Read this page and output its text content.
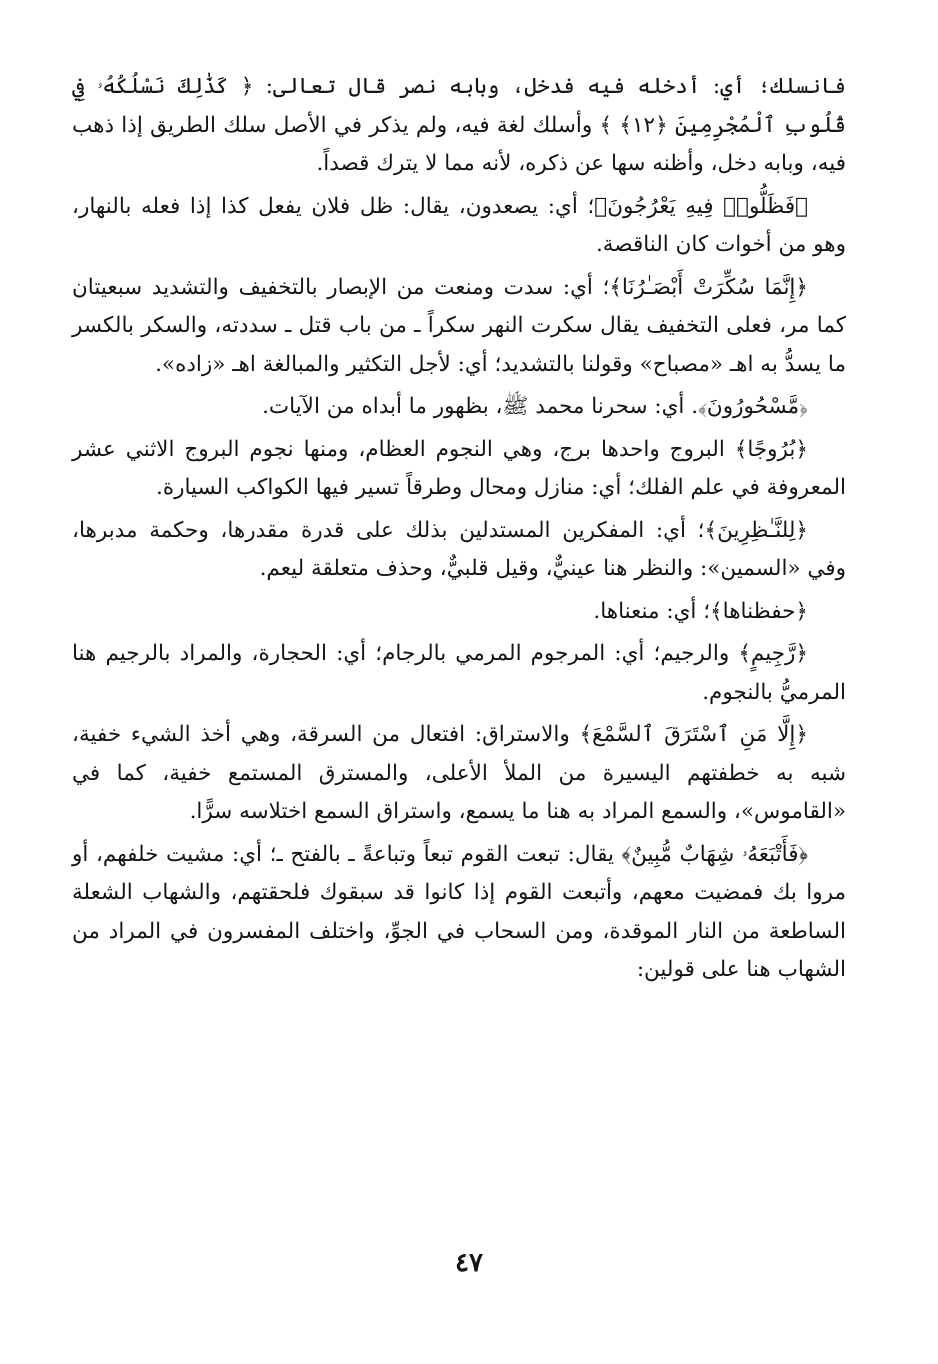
فانسلك؛ أي: أدخله فيه فدخل، وبابه نصر قال تعالى: ﴿ كَذَٰلِكَ نَسْلُكُهُۥ فِي قُلُوبِ ٱلْمُجْرِمِينَ ﴿١٢﴾ ﴾ وأسلك لغة فيه، ولم يذكر في الأصل سلك الطريق إذا ذهب فيه، وبابه دخل، وأظنه سها عن ذكره، لأنه مما لا يترك قصداً.

﴿فَظَلُّوا۟ فِيهِ يَعْرُجُونَ﴾؛ أي: يصعدون، يقال: ظل فلان يفعل كذا إذا فعله بالنهار، وهو من أخوات كان الناقصة.

﴿إِنَّمَا سُكِّرَتْ أَبْصَـٰرُنَا﴾؛ أي: سدت ومنعت من الإبصار بالتخفيف والتشديد سبعيتان كما مر، فعلى التخفيف يقال سكرت النهر سكراً ـ من باب قتل ـ سددته، والسكر بالكسر ما يسدُّ به اهـ «مصباح» وقولنا بالتشديد؛ أي: لأجل التكثير والمبالغة اهـ «زاده».

﴿مَّسْحُورُونَ﴾. أي: سحرنا محمد ﷺ، بظهور ما أبداه من الآيات.

﴿بُرُوجًا﴾ البروج واحدها برج، وهي النجوم العظام، ومنها نجوم البروج الاثني عشر المعروفة في علم الفلك؛ أي: منازل ومحال وطرقاً تسير فيها الكواكب السيارة.

﴿لِلنَّـٰظِرِينَ﴾؛ أي: المفكرين المستدلين بذلك على قدرة مقدرها، وحكمة مدبرها، وفي «السمين»: والنظر هنا عينيٌّ، وقيل قلبيٌّ، وحذف متعلقة ليعم.

﴿حفظناها﴾؛ أي: منعناها.

﴿رَّجِيمٍ﴾ والرجيم؛ أي: المرجوم المرمي بالرجام؛ أي: الحجارة، والمراد بالرجيم هنا المرميُّ بالنجوم.

﴿إِلَّا مَنِ ٱسْتَرَقَ ٱلسَّمْعَ﴾ والاستراق: افتعال من السرقة، وهي أخذ الشيء خفية، شبه به خطفتهم اليسيرة من الملأ الأعلى، والمسترق المستمع خفية، كما في «القاموس»، والسمع المراد به هنا ما يسمع، واستراق السمع اختلاسه سرًّا.

﴿فَأَتْبَعَهُۥ شِهَابٌ مُّبِينٌ﴾ يقال: تبعت القوم تبعاً وتباعةً ـ بالفتح ـ؛ أي: مشيت خلفهم، أو مروا بك فمضيت معهم، وأتبعت القوم إذا كانوا قد سبقوك فلحقتهم، والشهاب الشعلة الساطعة من النار الموقدة، ومن السحاب في الجوِّ، واختلف المفسرون في المراد من الشهاب هنا على قولين:

٤٧
